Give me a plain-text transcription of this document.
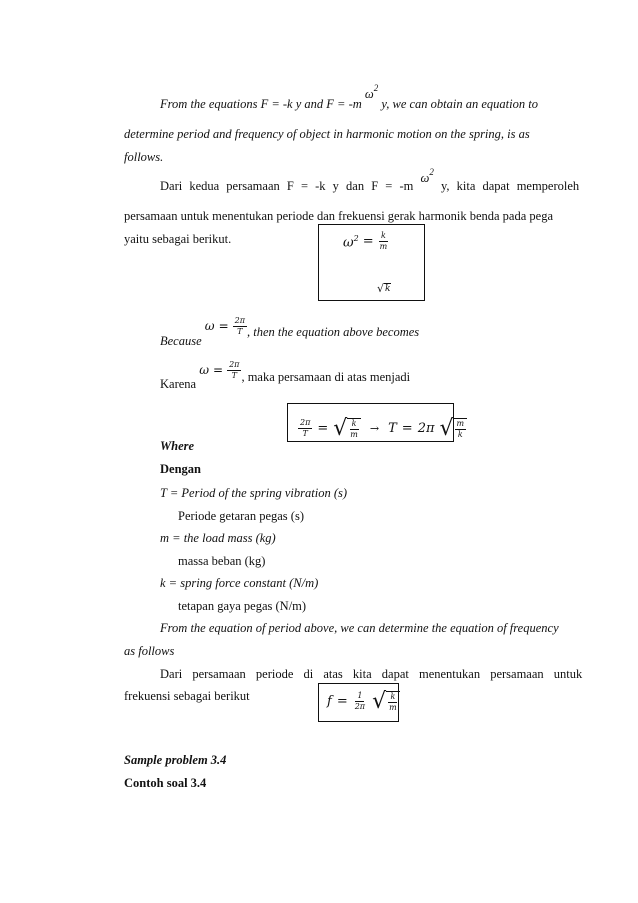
From the equations F = -k y and F = -m $\omega^2$ y, we can obtain an equation to
determine period and frequency of object in harmonic motion on the spring, is as
follows.
Dari kedua persamaan F = -k y dan F = -m $\omega^2$ y, kita dapat memperoleh
persamaan untuk menentukan periode dan frekuensi gerak harmonik benda pada pega
yaitu sebagai berikut.	$\omega^2 = \frac{k}{m}$
√ k
Because
$\omega = \frac{2\pi}{T}$ , then the equation above becomes
Karena
$\omega = \frac{2\pi}{T}$ , maka persamaan di atas menjadi
$\frac{2\pi}{T}$ = √ $\frac{k}{m} \to T = 2\pi$ √ $\frac{m}{k}$
Where
Dengan
T = Period of the spring vibration (s)
Periode getaran pegas (s)
m = the load mass (kg)
massa beban (kg)
k = spring force constant (N/m)
tetapan gaya pegas (N/m)
From the equation of period above, we can determine the equation of frequency
as follows
Dari persamaan periode di atas kita dapat menentukan persamaan untuk
frekuensi sebagai berikut	$f = \frac{1}{2\pi}$ √ $\frac{k}{m}$
Sample problem 3.4
Contoh soal 3.4
